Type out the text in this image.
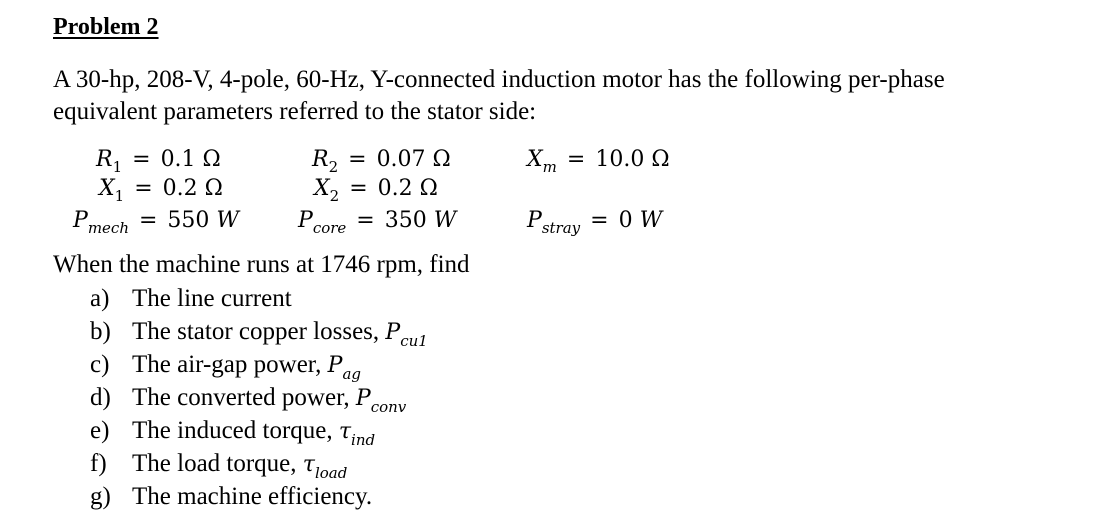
Problem 2
A 30-hp, 208-V, 4-pole, 60-Hz, Y-connected induction motor has the following per-phase equivalent parameters referred to the stator side:
$R_1 = 0.1$ Ω
$X_1 = 0.2$ Ω
$P_{mech} = 550$ W
$R_2 = 0.07$ Ω
$X_2 = 0.2$ Ω
$P_{core} = 350$ W
$X_m = 10.0$ Ω
$P_{stray} = 0$ W
When the machine runs at 1746 rpm, find
a) The line current
b) The stator copper losses, $P_{cu1}$
c) The air-gap power, $P_{ag}$
d) The converted power, $P_{conv}$
e) The induced torque, $\tau_{ind}$
f) The load torque, $\tau_{load}$
g) The machine efficiency.
